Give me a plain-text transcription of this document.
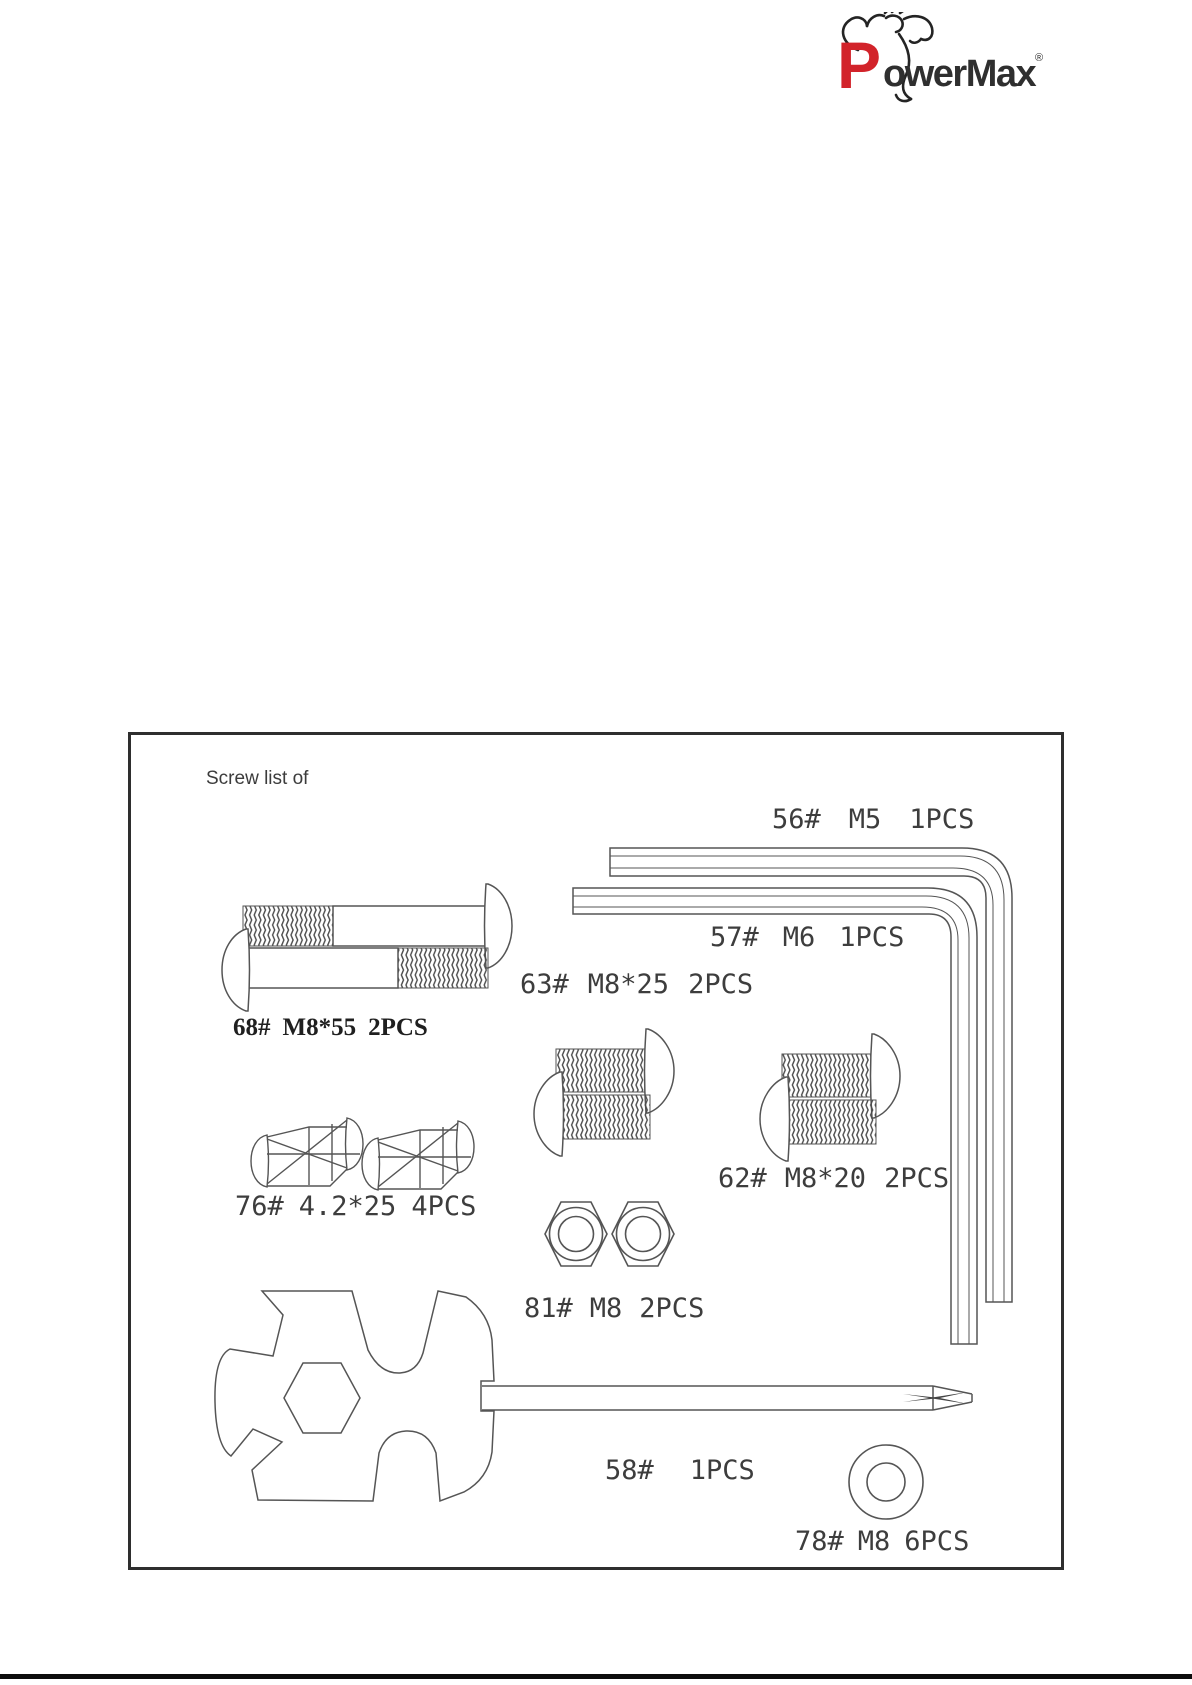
P owerMax ®
Screw list of
56# M5 1PCS
57# M6 1PCS
63# M8*25 2PCS
68# M8*55 2PCS
62# M8*20 2PCS
76# 4.2*25 4PCS
81# M8 2PCS
58# 1PCS
78# M8 6PCS
